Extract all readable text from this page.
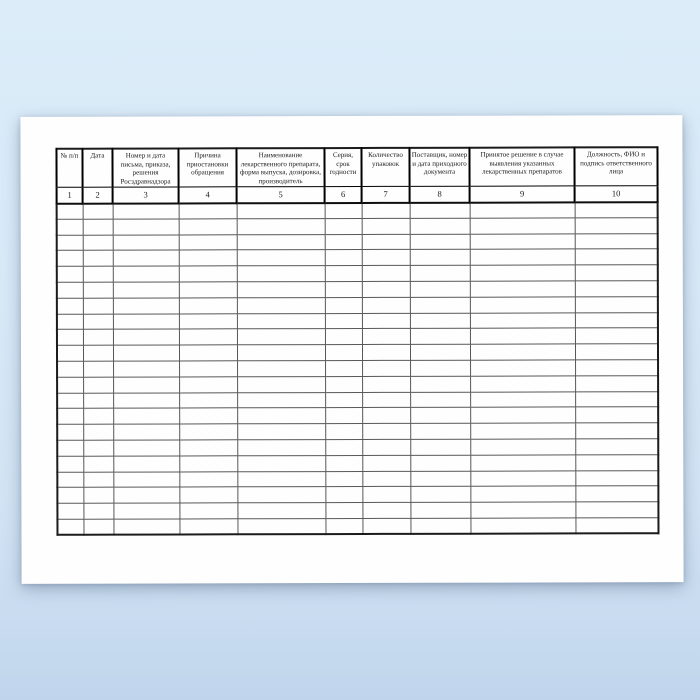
№ п/п	Дата	Номер и дата письма, приказа, решения Росздравнадзора	Причина приостановки обращения	Наименование лекарственного препарата, форма выпуска, дозировка, производитель	Серия, срок годности	Количество упаковок	Поставщик, номер и дата приходного документа	Принятое решение в случае выявления указанных лекарственных препаратов	Должность, ФИО и подпись ответственного лица
1	2	3	4	5	6	7	8	9	10
